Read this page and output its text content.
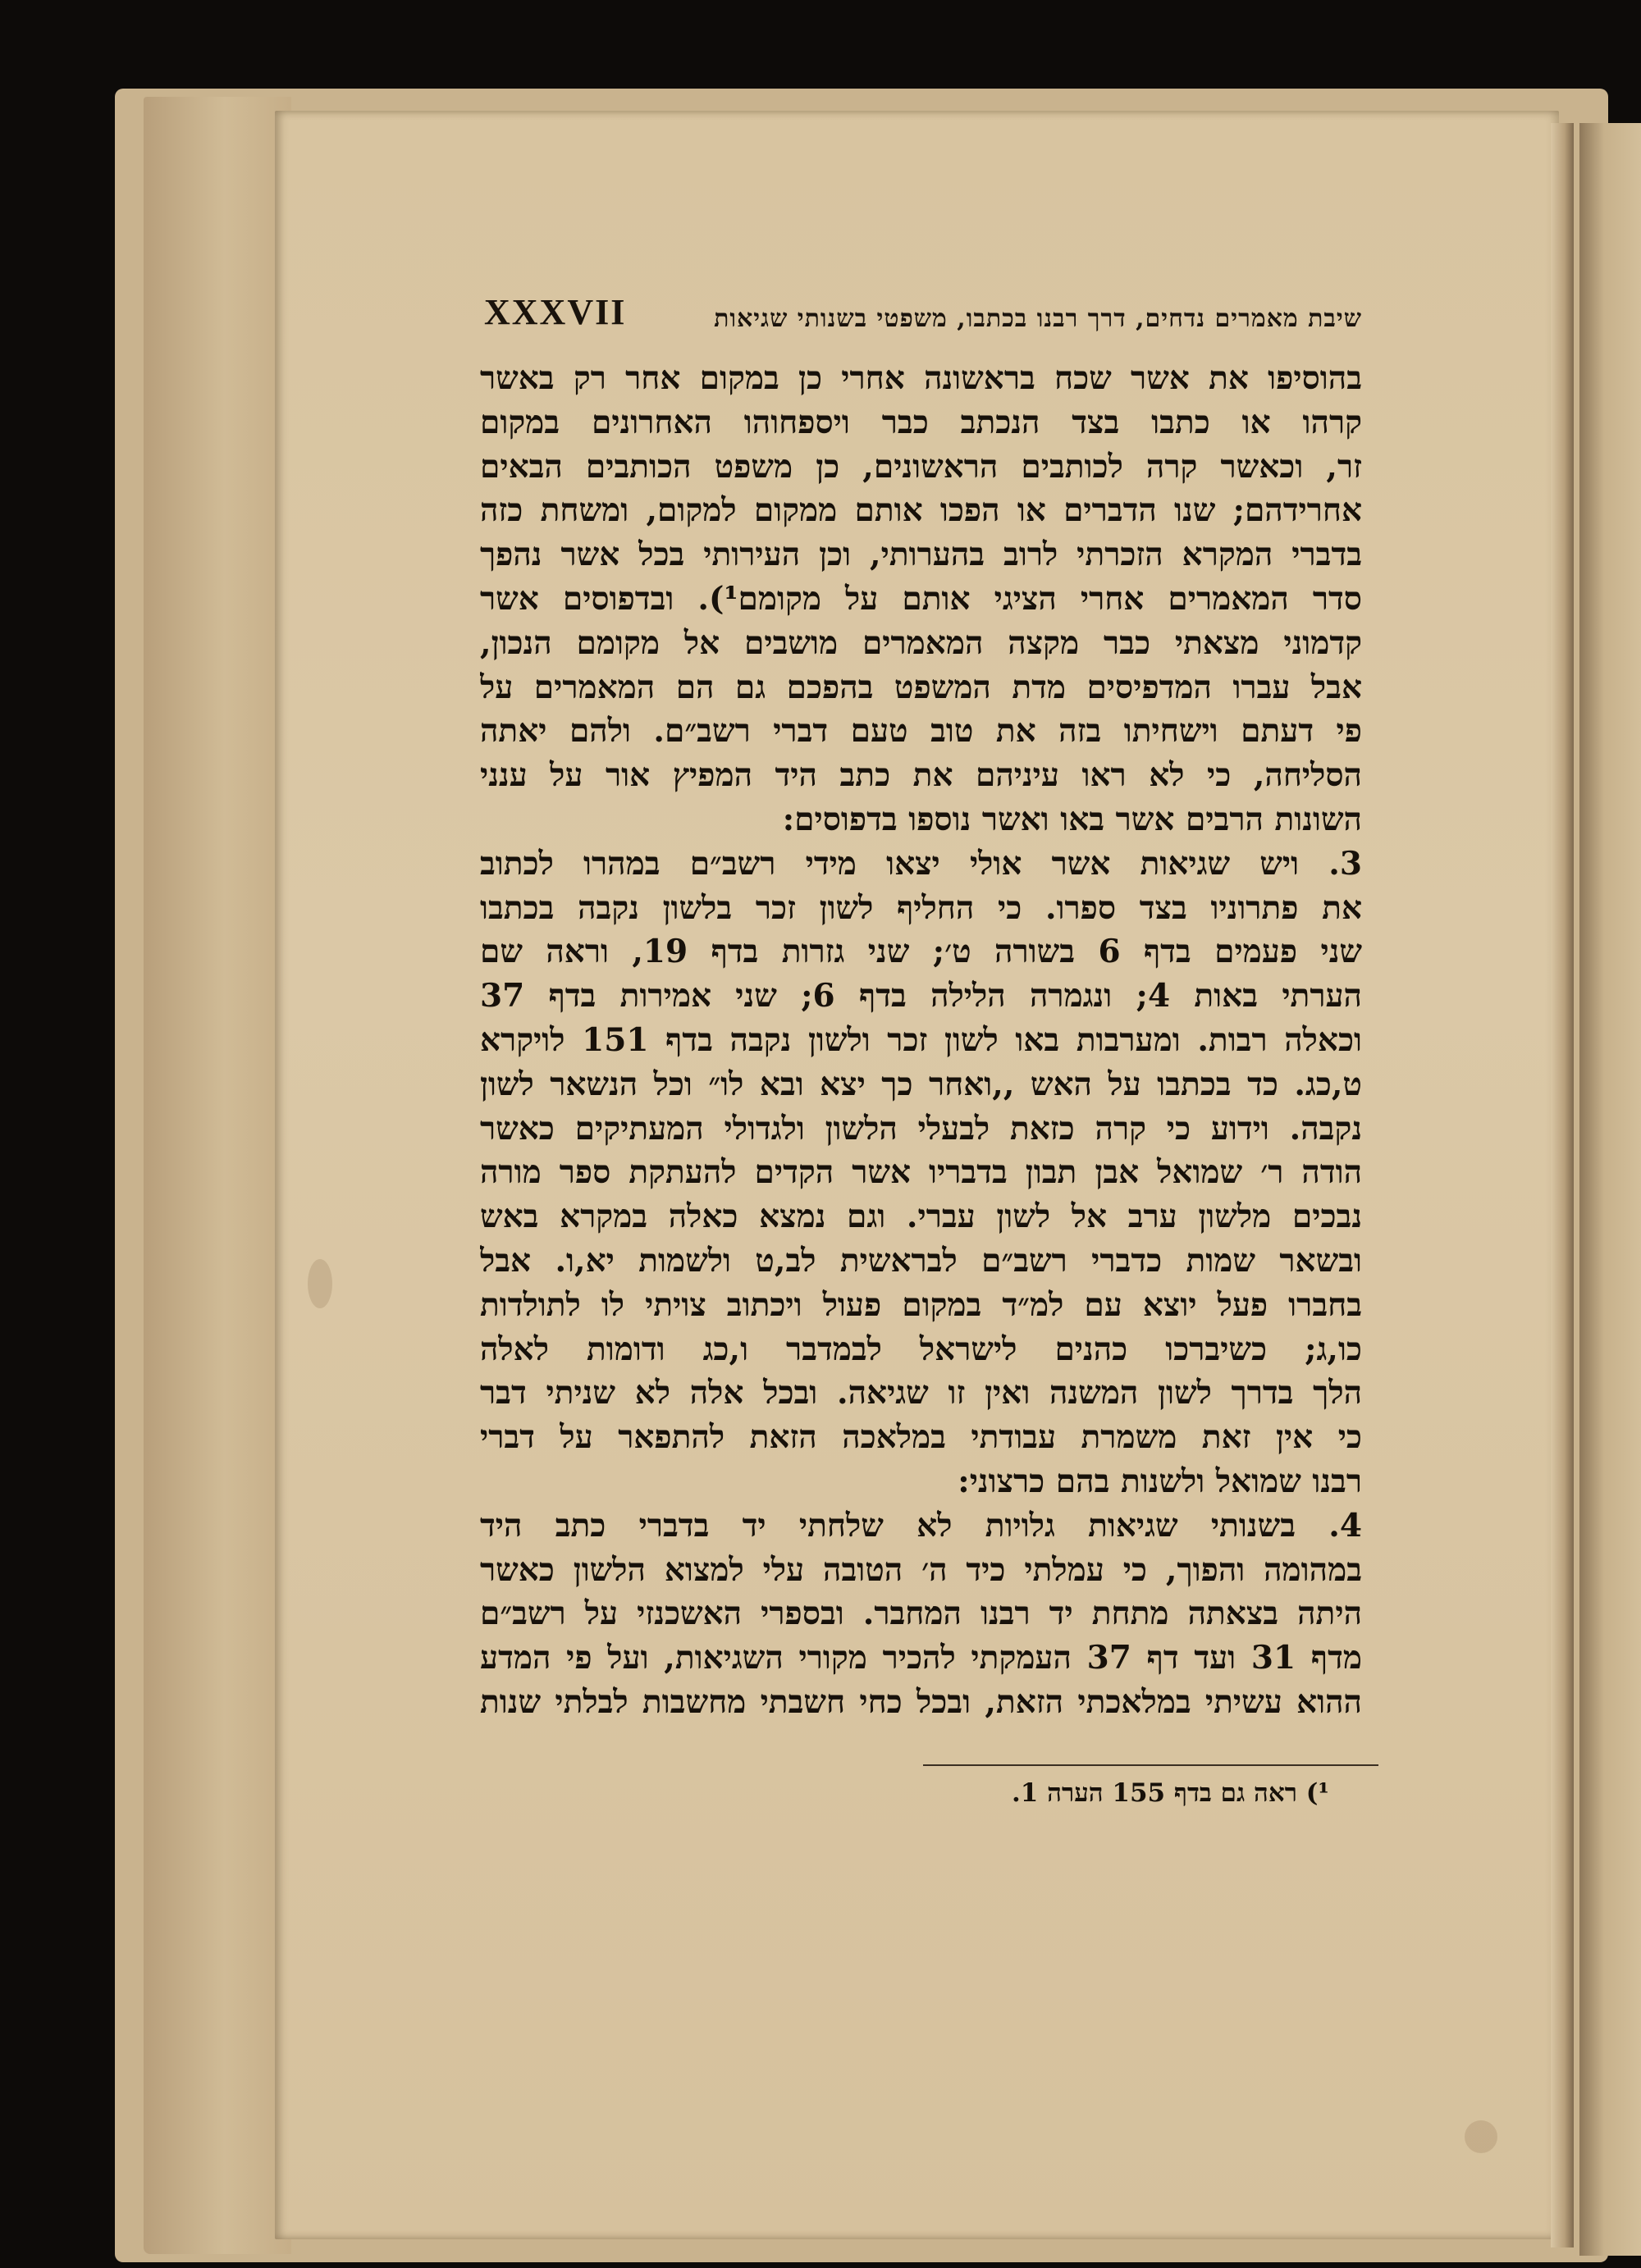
שיבת מאמרים נדחים, דרך רבנו בכתבו, משפטי בשנותי שגיאות
XXXVII
בהוסיפו את אשר שכח בראשונה אחרי כן במקום אחר רק באשר
קרהו או כתבו בצד הנכתב כבר ויספחוהו האחרונים במקום
זר, וכאשר קרה לכותבים הראשונים, כן משפט הכותבים הבאים
אחרידהם; שנו הדברים או הפכו אותם ממקום למקום, ומשחת כזה
בדברי המקרא הזכרתי לרוב בהערותי, וכן העירותי בכל אשר נהפך
סדר המאמרים אחרי הציגי אותם על מקומם¹). ובדפוסים אשר
קדמוני מצאתי כבר מקצה המאמרים מושבים אל מקומם הנכון,
אבל עברו המדפיסים מדת המשפט בהפכם גם הם המאמרים על
פי דעתם וישחיתו בזה את טוב טעם דברי רשב״ם. ולהם יאתה
הסליחה, כי לא ראו עיניהם את כתב היד המפיץ אור על ענני
השונות הרבים אשר באו ואשר נוספו בדפוסים:
3. ויש שגיאות אשר אולי יצאו מידי רשב״ם במהרו לכתוב
את פתרוניו בצד ספרו. כי החליף לשון זכר בלשון נקבה בכתבו
שני פעמים בדף 6 בשורה ט׳; שני גזרות בדף 19, וראה שם
הערתי באות 4; ונגמרה הלילה בדף 6; שני אמירות בדף 37
וכאלה רבות. ומערבות באו לשון זכר ולשון נקבה בדף 151 לויקרא
ט,כג. כד בכתבו על האש ,,ואחר כך יצא ובא לו״ וכל הנשאר לשון
נקבה. וידוע כי קרה כזאת לבעלי הלשון ולגדולי המעתיקים כאשר
הודה ר׳ שמואל אבן תבון בדבריו אשר הקדים להעתקת ספר מורה
נבכים מלשון ערב אל לשון עברי. וגם נמצא כאלה במקרא באש
ובשאר שמות כדברי רשב״ם לבראשית לב,ט ולשמות יא,ו. אבל
בחברו פעל יוצא עם למ״ד במקום פעול ויכתוב צויתי לו לתולדות
כו,ג; כשיברכו כהנים לישראל לבמדבר ו,כג ודומות לאלה
הלך בדרך לשון המשנה ואין זו שגיאה. ובכל אלה לא שניתי דבר
כי אין זאת משמרת עבודתי במלאכה הזאת להתפאר על דברי
רבנו שמואל ולשנות בהם כרצוני:
4. בשנותי שגיאות גלויות לא שלחתי יד בדברי כתב היד
במהומה והפוך, כי עמלתי כיד ה׳ הטובה עלי למצוא הלשון כאשר
היתה בצאתה מתחת יד רבנו המחבר. ובספרי האשכנזי על רשב״ם
מדף 31 ועד דף 37 העמקתי להכיר מקורי השגיאות, ועל פי המדע
ההוא עשיתי במלאכתי הזאת, ובכל כחי חשבתי מחשבות לבלתי שנות
¹) ראה גם בדף 155 הערה 1.
